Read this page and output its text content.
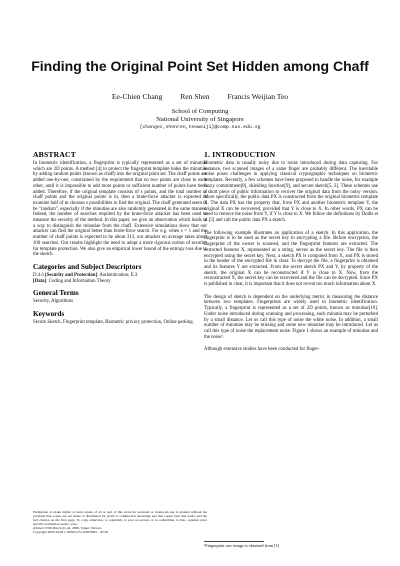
Finding the Original Point Set Hidden among Chaff
Ee-Chien Chang Ren Shen Francis Weijian Teo
School of Computing
National University of Singapore
{changec,shenren,teoweiji}@comp.nus.edu.sg
ABSTRACT

In biometric identification, a fingerprint is typically represented as a set of minutiae which are 2D points. A method [4] to protect the fingerprint template hides the minutiae by adding random points (known as chaff) into the original point set. The chaff points are added one-by-one, constrained by the requirement that no two points are close to each other, until it is impossible to add more points or sufficient number of points have been added. Therefore, if the original template consists of s points, and the total number of chaff points and the original points is m, then a brute-force attacker is expected to examine half of m chooses s possibilities to find the original. The chaff generated seem to be "random", especially if the minutiae are also randomly generated in the same manner. Indeed, the number of searches required by the brute-force attacker has been used to measure the security of the method. In this paper, we give an observation which leads to a way to distinguish the minutiae from the chaff. Extensive simulations show that our attacker can find the original better than brute-force search. For e.g. when s = 1 and the number of chaff points is expected to be about 313, our attacker on average takes about 100 searches. Our results highlight the need to adopt a more rigorous notion of security for template protection. We also give an empirical lower bound of the entropy loss due to the sketch.

Categories and Subject Descriptors

D.4.6 [Security and Protection]: Authentication; E.3
[Data]: Coding and Information Theory

General Terms

Security, Algorithms

Keywords

Secure Sketch, Fingerprint template, Biometric privacy protection, Online parking.

Permission to make digital or hard copies of all or part of this work for personal or classroom use is granted without fee provided that copies are not made or distributed for profit or commercial advantage and that copies bear this notice and the full citation on the first page. To copy otherwise, to republish, to post on servers or to redistribute to lists, requires prior specific permission and/or a fee.

ASIACCS'06 March 21-24, 2006, Taipei, Taiwan.

Copyright 2006 ACM 1-59593-272-0/06/0003 ...$5.00

1. INTRODUCTION

Biometric data is usually noisy due to noise introduced during data capturing. For instance, two scanned images of a same finger are probably different. The inevitable noise poses challenges in applying classical cryptographic techniques on biometric templates. Recently, a few schemes have been proposed to handle the noise, for example fuzzy commitment[8], shielding function[9], and secure sketch[5, 2]. These schemes use a short piece of public information to recover the original data from the noisy version. More specifically, the public data PX is constructed from the original biometric template X. The data PX has the property that, from PX and another biometric template Y, the original X can be recovered, provided that Y is close to X. In other words, PX can be used to remove the noise from Y, if Y is close to X. We follow the definitions by Dodis et al.[5] and call the public data PX a sketch.

The following example illustrates an application of a sketch. In this application, the fingerprint is to be used as the secret key in encrypting a file. Before encryption, the fingerprint of the owner is scanned, and the fingerprint features are extracted. The extracted features X, represented as a string, serves as the secret key. The file is then encrypted using the secret key. Next, a sketch PX is computed from X, and PX is stored in the header of the encrypted file in clear. To decrypt the file, a fingerprint is obtained and its features Y are extracted. From the secret sketch PX and Y, by property of the sketch, the original X can be reconstructed if Y is close to X. Now, from the reconstructed X, the secret key can be recovered and the file can be decrypted. Since PX is published in clear, it is important that it does not reveal too much information about X.

The design of sketch is dependent on the underlying metric in measuring the distance between two templates. Fingerprints are widely used in biometric identification. Typically, a fingerprint is represented as a set of 2D points, known as minutiae[10]. Under noise introduced during scanning and processing, each minutia may be perturbed by a small distance. Let us call this type of noise the white noise. In addition, a small number of minutiae may be missing and some new minutiae may be introduced. Let us call this type of noise the replacement noise. Figure 1 shows an example of minutiae and the noise¹.

Although extensive studies have been conducted for finger-

¹Fingerprint raw image is obtained from [1]
